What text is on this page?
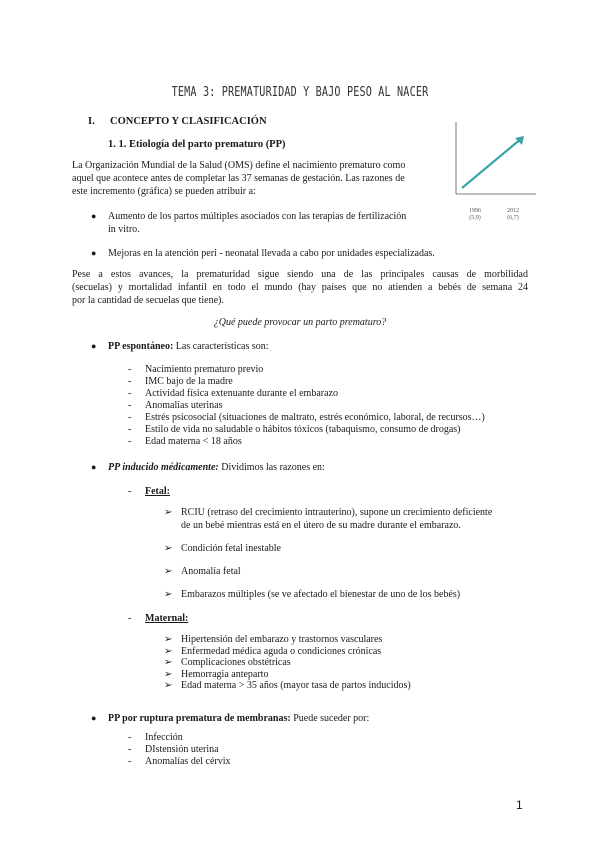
TEMA 3: PREMATURIDAD Y BAJO PESO AL NACER
I. CONCEPTO Y CLASIFICACIÓN
1. 1. Etiología del parto prematuro (PP)
1996
(5,9)
2012
(6,7)
La Organización Mundial de la Salud (OMS) define el nacimiento prematuro como
aquel que acontece antes de completar las 37 semanas de gestación. Las razones de
este incremento (gráfica) se pueden atribuir a:
● Aumento de los partos múltiples asociados con las terapias de fertilización
in vitro.
● Mejoras en la atención peri - neonatal llevada a cabo por unidades especializadas.
Pese a estos avances, la prematuridad sigue siendo una de las principales causas de morbilidad
(secuelas) y mortalidad infantil en todo el mundo (hay países que no atienden a bebés de semana 24
por la cantidad de secuelas que tiene).
¿Qué puede provocar un parto prematuro?
● PP espontáneo: Las características son:
- Nacimiento prematuro previo
- IMC bajo de la madre
- Actividad física extenuante durante el embarazo
- Anomalías uterinas
- Estrés psicosocial (situaciones de maltrato, estrés económico, laboral, de recursos…)
- Estilo de vida no saludable o hábitos tóxicos (tabaquismo, consumo de drogas)
- Edad materna < 18 años
● PP inducido médicamente: Dividimos las razones en:
- Fetal:
➢ RCIU (retraso del crecimiento intrauterino), supone un crecimiento deficiente
de un bebé mientras está en el útero de su madre durante el embarazo.
➢ Condición fetal inestable
➢ Anomalía fetal
➢ Embarazos múltiples (se ve afectado el bienestar de uno de los bebés)
- Maternal:
➢ Hipertensión del embarazo y trastornos vasculares
➢ Enfermedad médica aguda o condiciones crónicas
➢ Complicaciones obstétricas
➢ Hemorragia anteparto
➢ Edad materna > 35 años (mayor tasa de partos inducidos)
● PP por ruptura prematura de membranas: Puede suceder por:
- Infección
- DIstensión uterina
- Anomalías del cérvix
1
